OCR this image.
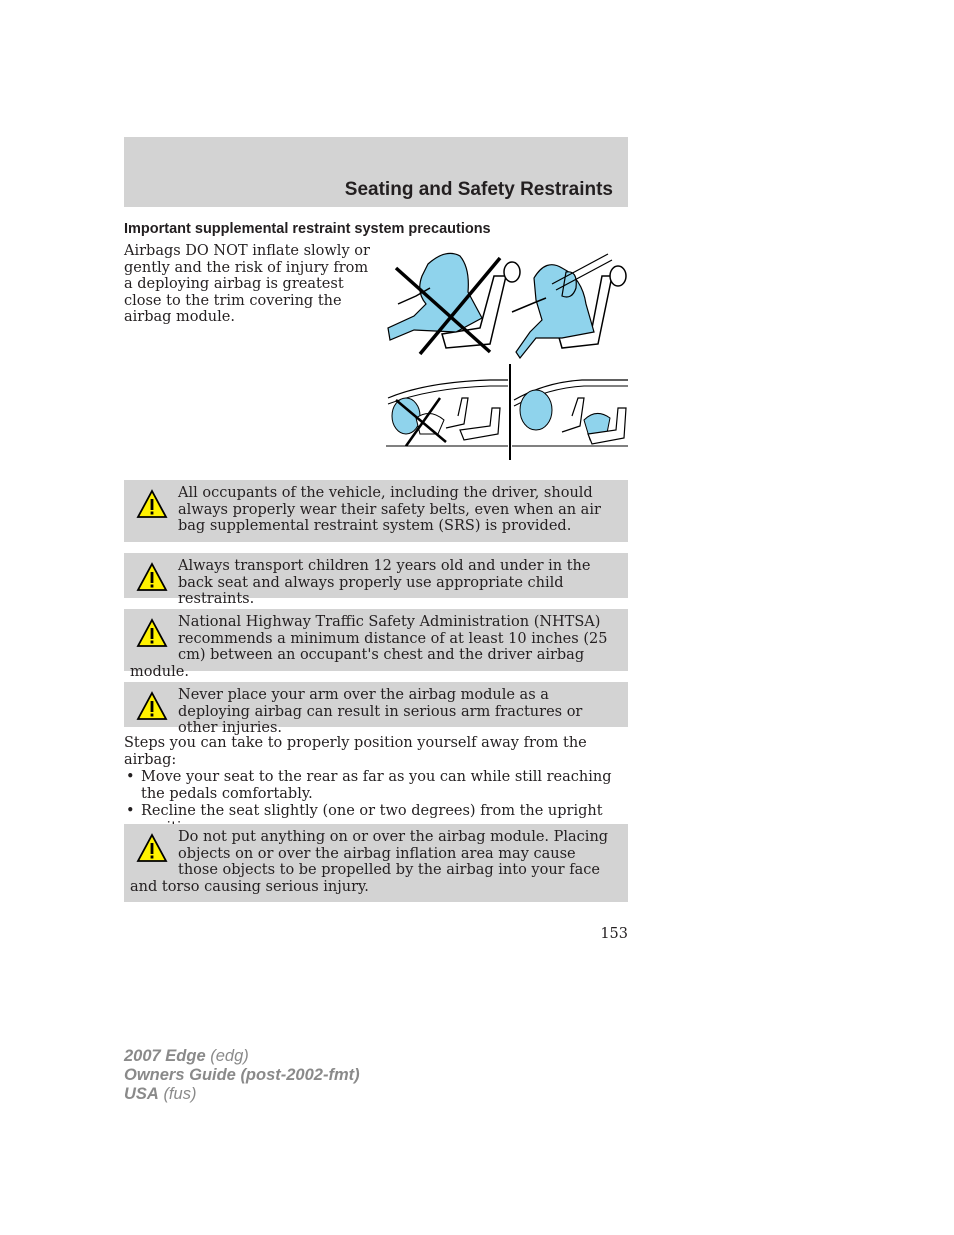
Seating and Safety Restraints
Important supplemental restraint system precautions
Airbags DO NOT inflate slowly or gently and the risk of injury from a deploying airbag is greatest close to the trim covering the airbag module.

All occupants of the vehicle, including the driver, should always properly wear their safety belts, even when an air bag supplemental restraint system (SRS) is provided.

Always transport children 12 years old and under in the back seat and always properly use appropriate child restraints.

National Highway Traffic Safety Administration (NHTSA) recommends a minimum distance of at least 10 inches (25 cm) between an occupant's chest and the driver airbag module.

Never place your arm over the airbag module as a deploying airbag can result in serious arm fractures or other injuries.

Steps you can take to properly position yourself away from the airbag:

• Move your seat to the rear as far as you can while still reaching the pedals comfortably.
• Recline the seat slightly (one or two degrees) from the upright

Do not put anything on or over the airbag module. Placing objects on or over the airbag inflation area may cause those objects to be propelled by the airbag into your face and torso causing serious injury.

153
2007 Edge (edg)
Owners Guide (post-2002-fmt)
USA (fus)
